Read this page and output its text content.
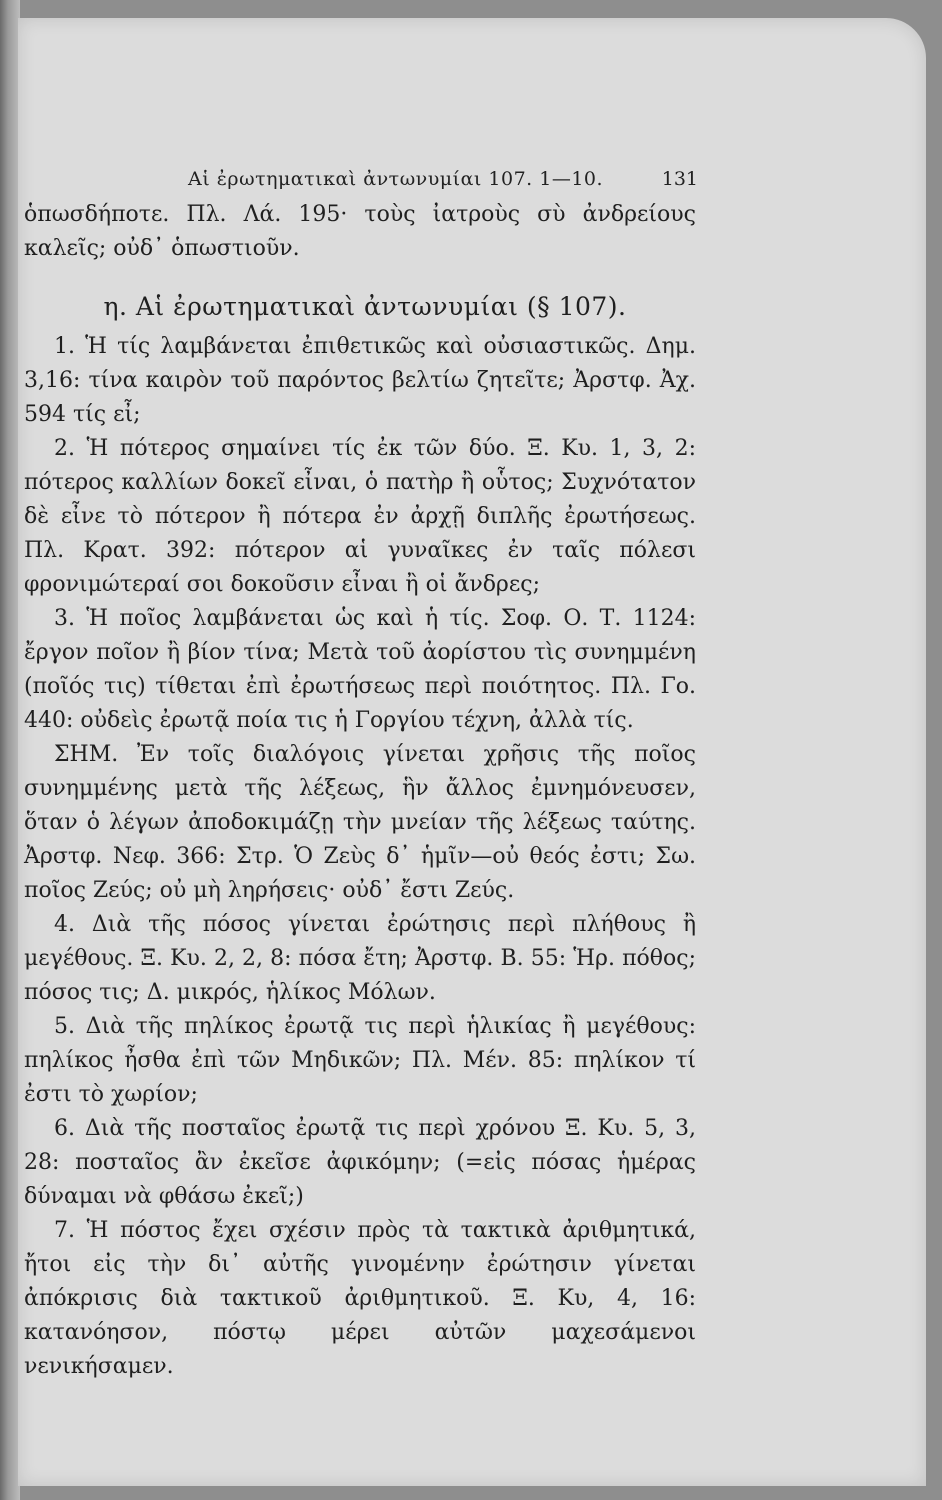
Αἱ ἐρωτηματικαὶ ἀντωνυμίαι 107. 1—10.	131

ὁπωσδήποτε. Πλ. Λά. 195· τοὺς ἰατροὺς σὺ ἀνδρείους καλεῖς; οὐδ᾽ ὁπωστιοῦν.

η. Αἱ ἐρωτηματικαὶ ἀντωνυμίαι (§ 107).

1. Ἡ τίς λαμβάνεται ἐπιθετικῶς καὶ οὐσιαστικῶς. Δημ. 3,16: τίνα καιρὸν τοῦ παρόντος βελτίω ζητεῖτε; Ἀρστφ. Ἀχ. 594 τίς εἶ;

2. Ἡ πότερος σημαίνει τίς ἐκ τῶν δύο. Ξ. Κυ. 1, 3, 2: πότερος καλλίων δοκεῖ εἶναι, ὁ πατὴρ ἢ οὗτος; Συχνότατον δὲ εἶνε τὸ πότερον ἢ πότερα ἐν ἀρχῇ διπλῆς ἐρωτήσεως. Πλ. Κρατ. 392: πότερον αἱ γυναῖκες ἐν ταῖς πόλεσι φρονιμώτεραί σοι δοκοῦσιν εἶναι ἢ οἱ ἄνδρες;

3. Ἡ ποῖος λαμβάνεται ὡς καὶ ἡ τίς. Σοφ. Ο. Τ. 1124: ἔργον ποῖον ἢ βίον τίνα; Μετὰ τοῦ ἀορίστου τὶς συνημμένη (ποῖός τις) τίθεται ἐπὶ ἐρωτήσεως περὶ ποιότητος. Πλ. Γο. 440: οὐδεὶς ἐρωτᾷ ποία τις ἡ Γοργίου τέχνη, ἀλλὰ τίς.

ΣΗΜ. Ἐν τοῖς διαλόγοις γίνεται χρῆσις τῆς ποῖος συνημμένης μετὰ τῆς λέξεως, ἣν ἄλλος ἐμνημόνευσεν, ὅταν ὁ λέγων ἀποδοκιμάζῃ τὴν μνείαν τῆς λέξεως ταύτης. Ἀρστφ. Νεφ. 366: Στρ. Ὁ Ζεὺς δ᾽ ἡμῖν—οὐ θεός ἐστι; Σω. ποῖος Ζεύς; οὐ μὴ ληρήσεις· οὐδ᾽ ἔστι Ζεύς.

4. Διὰ τῆς πόσος γίνεται ἐρώτησις περὶ πλήθους ἢ μεγέθους. Ξ. Κυ. 2, 2, 8: πόσα ἔτη; Ἀρστφ. Β. 55: Ἡρ. πόθος; πόσος τις; Δ. μικρός, ἡλίκος Μόλων.

5. Διὰ τῆς πηλίκος ἐρωτᾷ τις περὶ ἡλικίας ἢ μεγέθους: πηλίκος ἦσθα ἐπὶ τῶν Μηδικῶν; Πλ. Μέν. 85: πηλίκον τί ἐστι τὸ χωρίον;

6. Διὰ τῆς ποσταῖος ἐρωτᾷ τις περὶ χρόνου Ξ. Κυ. 5, 3, 28: ποσταῖος ἂν ἐκεῖσε ἀφικόμην; (=εἰς πόσας ἡμέρας δύναμαι νὰ φθάσω ἐκεῖ;)

7. Ἡ πόστος ἔχει σχέσιν πρὸς τὰ τακτικὰ ἀριθμητικά, ἤτοι εἰς τὴν δι᾽ αὐτῆς γινομένην ἐρώτησιν γίνεται ἀπόκρισις διὰ τακτικοῦ ἀριθμητικοῦ. Ξ. Κυ, 4, 16: κατανόησον, πόστῳ μέρει αὐτῶν μαχεσάμενοι νενικήσαμεν.
